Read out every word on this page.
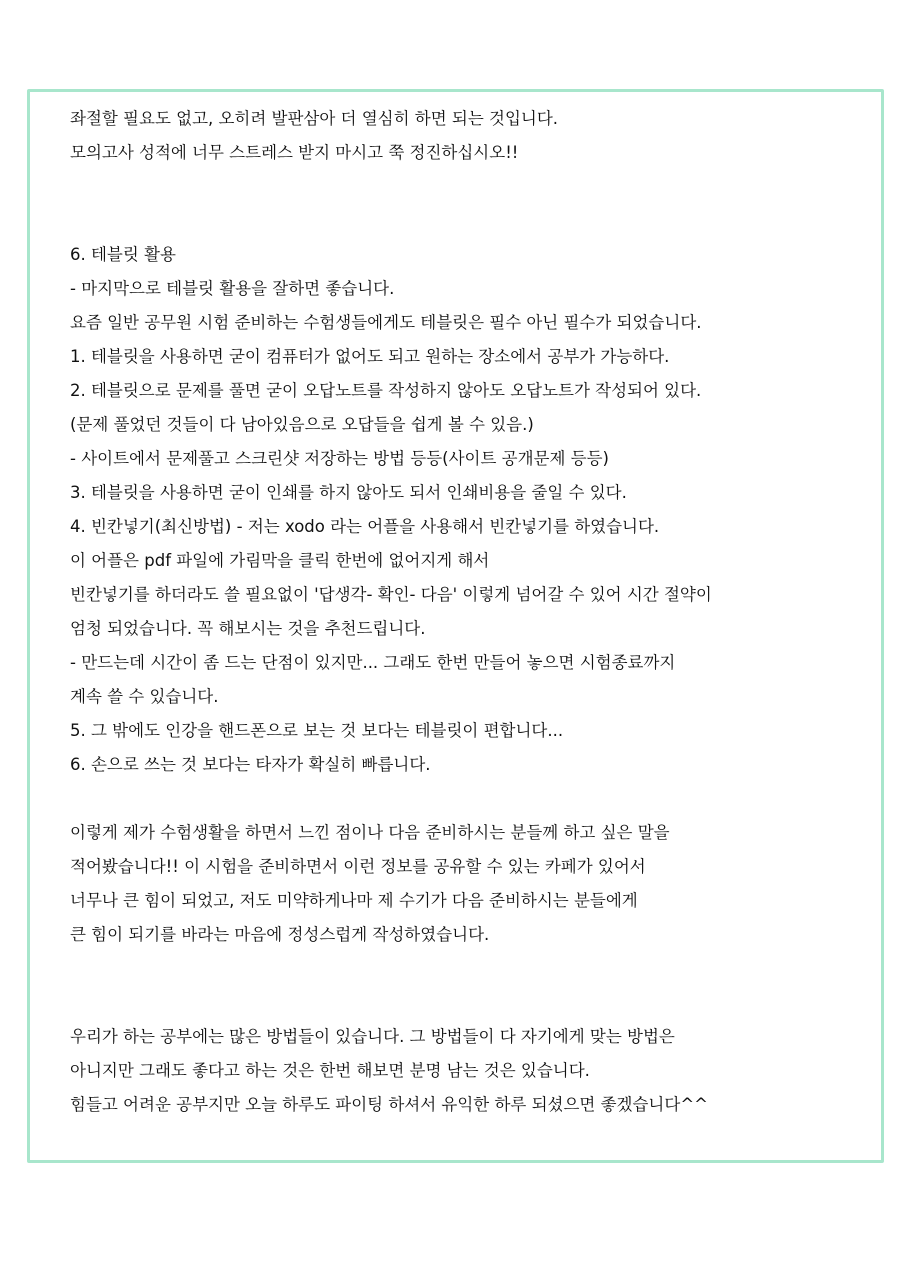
좌절할 필요도 없고, 오히려 발판삼아 더 열심히 하면 되는 것입니다.
모의고사 성적에 너무 스트레스 받지 마시고 쭉 정진하십시오!!
6. 테블릿 활용
- 마지막으로 테블릿 활용을 잘하면 좋습니다.
요즘 일반 공무원 시험 준비하는 수험생들에게도 테블릿은 필수 아닌 필수가 되었습니다.
1. 테블릿을 사용하면 굳이 컴퓨터가 없어도 되고 원하는 장소에서 공부가 가능하다.
2. 테블릿으로 문제를 풀면 굳이 오답노트를 작성하지 않아도 오답노트가 작성되어 있다.
(문제 풀었던 것들이 다 남아있음으로 오답들을 쉽게 볼 수 있음.)
- 사이트에서 문제풀고 스크린샷 저장하는 방법 등등(사이트 공개문제 등등)
3. 테블릿을 사용하면 굳이 인쇄를 하지 않아도 되서 인쇄비용을 줄일 수 있다.
4. 빈칸넣기(최신방법) - 저는 xodo 라는 어플을 사용해서 빈칸넣기를 하였습니다.
이 어플은 pdf 파일에 가림막을 클릭 한번에 없어지게 해서
빈칸넣기를 하더라도 쓸 필요없이 '답생각- 확인- 다음' 이렇게 넘어갈 수 있어 시간 절약이
엄청 되었습니다. 꼭 해보시는 것을 추천드립니다.
- 만드는데 시간이 좀 드는 단점이 있지만... 그래도 한번 만들어 놓으면 시험종료까지
계속 쓸 수 있습니다.
5. 그 밖에도 인강을 핸드폰으로 보는 것 보다는 테블릿이 편합니다...
6. 손으로 쓰는 것 보다는 타자가 확실히 빠릅니다.
이렇게 제가 수험생활을 하면서 느낀 점이나 다음 준비하시는 분들께 하고 싶은 말을
적어봤습니다!! 이 시험을 준비하면서 이런 정보를 공유할 수 있는 카페가 있어서
너무나 큰 힘이 되었고, 저도 미약하게나마 제 수기가 다음 준비하시는 분들에게
큰 힘이 되기를 바라는 마음에 정성스럽게 작성하였습니다.
우리가 하는 공부에는 많은 방법들이 있습니다. 그 방법들이 다 자기에게 맞는 방법은
아니지만 그래도 좋다고 하는 것은 한번 해보면 분명 남는 것은 있습니다.
힘들고 어려운 공부지만 오늘 하루도 파이팅 하셔서 유익한 하루 되셨으면 좋겠습니다^^
